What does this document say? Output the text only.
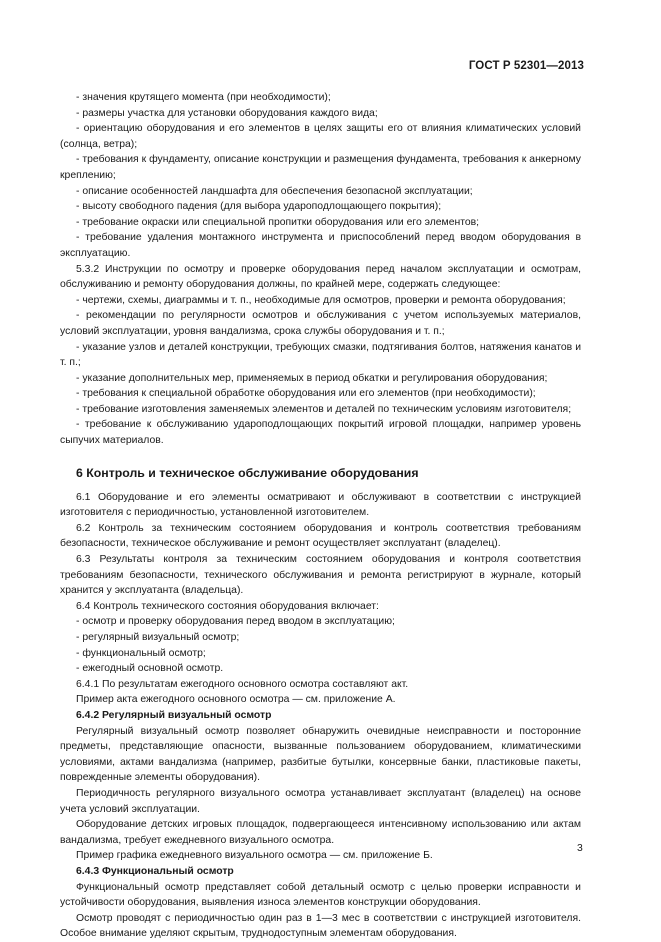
ГОСТ Р 52301—2013

- значения крутящего момента (при необходимости);

- размеры участка для установки оборудования каждого вида;

- ориентацию оборудования и его элементов в целях защиты его от влияния климатических условий (солнца, ветра);

- требования к фундаменту, описание конструкции и размещения фундамента, требования к анкерному креплению;

- описание особенностей ландшафта для обеспечения безопасной эксплуатации;

- высоту свободного падения (для выбора удароподлощающего покрытия);

- требование окраски или специальной пропитки оборудования или его элементов;

- требование удаления монтажного инструмента и приспособлений перед вводом оборудования в эксплуатацию.

5.3.2 Инструкции по осмотру и проверке оборудования перед началом эксплуатации и осмотрам, обслуживанию и ремонту оборудования должны, по крайней мере, содержать следующее:

- чертежи, схемы, диаграммы и т. п., необходимые для осмотров, проверки и ремонта оборудования;

- рекомендации по регулярности осмотров и обслуживания с учетом используемых материалов, условий эксплуатации, уровня вандализма, срока службы оборудования и т. п.;

- указание узлов и деталей конструкции, требующих смазки, подтягивания болтов, натяжения канатов и т. п.;

- указание дополнительных мер, применяемых в период обкатки и регулирования оборудования;

- требования к специальной обработке оборудования или его элементов (при необходимости);

- требование изготовления заменяемых элементов и деталей по техническим условиям изготовителя;

- требование к обслуживанию удароподлощающих покрытий игровой площадки, например уровень сыпучих материалов.

6 Контроль и техническое обслуживание оборудования

6.1 Оборудование и его элементы осматривают и обслуживают в соответствии с инструкцией изготовителя с периодичностью, установленной изготовителем.

6.2 Контроль за техническим состоянием оборудования и контроль соответствия требованиям безопасности, техническое обслуживание и ремонт осуществляет эксплуатант (владелец).

6.3 Результаты контроля за техническим состоянием оборудования и контроля соответствия требованиям безопасности, технического обслуживания и ремонта регистрируют в журнале, который хранится у эксплуатанта (владельца).

6.4 Контроль технического состояния оборудования включает:

- осмотр и проверку оборудования перед вводом в эксплуатацию;

- регулярный визуальный осмотр;

- функциональный осмотр;

- ежегодный основной осмотр.

6.4.1 По результатам ежегодного основного осмотра составляют акт.

Пример акта ежегодного основного осмотра — см. приложение А.

6.4.2 Регулярный визуальный осмотр

Регулярный визуальный осмотр позволяет обнаружить очевидные неисправности и посторонние предметы, представляющие опасности, вызванные пользованием оборудованием, климатическими условиями, актами вандализма (например, разбитые бутылки, консервные банки, пластиковые пакеты, поврежденные элементы оборудования).

Периодичность регулярного визуального осмотра устанавливает эксплуатант (владелец) на основе учета условий эксплуатации.

Оборудование детских игровых площадок, подвергающееся интенсивному использованию или актам вандализма, требует ежедневного визуального осмотра.

Пример графика ежедневного визуального осмотра — см. приложение Б.

6.4.3 Функциональный осмотр

Функциональный осмотр представляет собой детальный осмотр с целью проверки исправности и устойчивости оборудования, выявления износа элементов конструкции оборудования.

Осмотр проводят с периодичностью один раз в 1—3 мес в соответствии с инструкцией изготовителя. Особое внимание уделяют скрытым, труднодоступным элементам оборудования.

3
